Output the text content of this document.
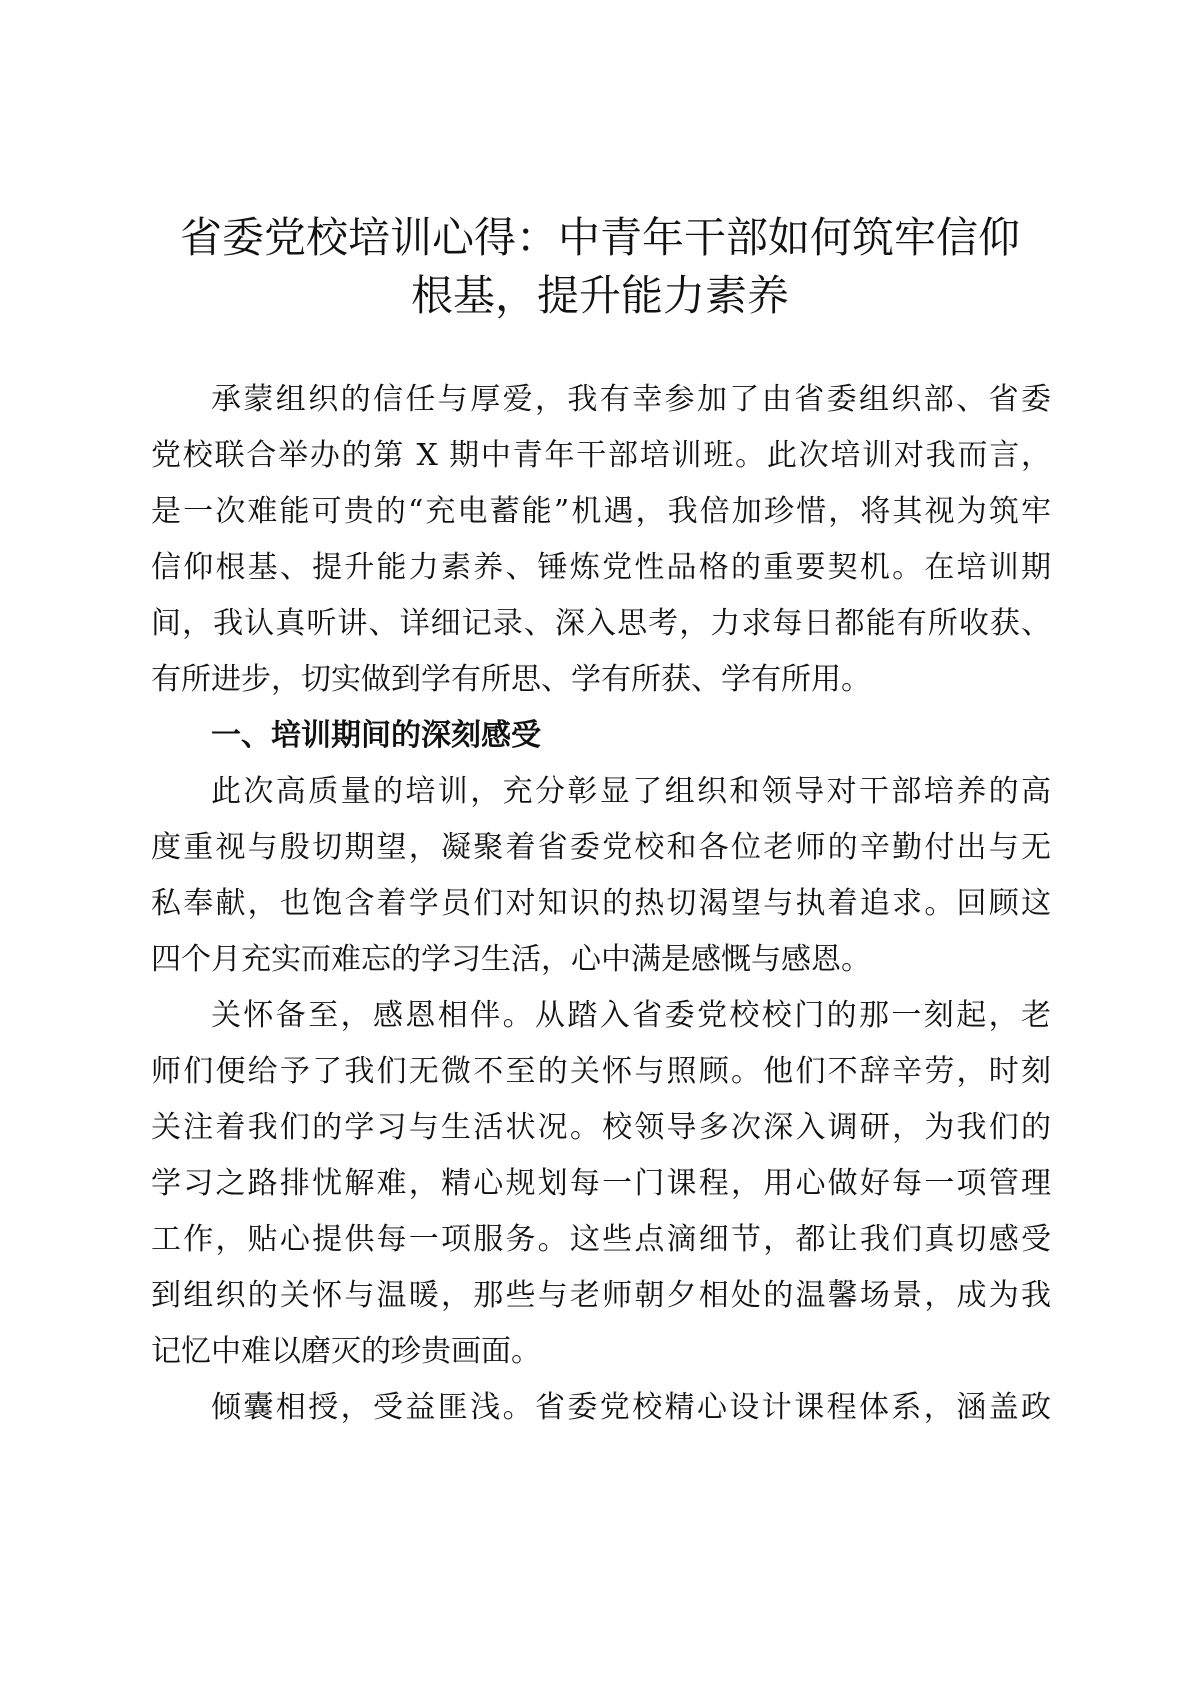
省委党校培训心得：中青年干部如何筑牢信仰
根基，提升能力素养
承蒙组织的信任与厚爱，我有幸参加了由省委组织部、省委
党校联合举办的第 X 期中青年干部培训班。此次培训对我而言，
是一次难能可贵的“充电蓄能”机遇，我倍加珍惜，将其视为筑牢
信仰根基、提升能力素养、锤炼党性品格的重要契机。在培训期
间，我认真听讲、详细记录、深入思考，力求每日都能有所收获、
有所进步，切实做到学有所思、学有所获、学有所用。
一、培训期间的深刻感受
此次高质量的培训，充分彰显了组织和领导对干部培养的高
度重视与殷切期望，凝聚着省委党校和各位老师的辛勤付出与无
私奉献，也饱含着学员们对知识的热切渴望与执着追求。回顾这
四个月充实而难忘的学习生活，心中满是感慨与感恩。
关怀备至，感恩相伴。从踏入省委党校校门的那一刻起，老
师们便给予了我们无微不至的关怀与照顾。他们不辞辛劳，时刻
关注着我们的学习与生活状况。校领导多次深入调研，为我们的
学习之路排忧解难，精心规划每一门课程，用心做好每一项管理
工作，贴心提供每一项服务。这些点滴细节，都让我们真切感受
到组织的关怀与温暖，那些与老师朝夕相处的温馨场景，成为我
记忆中难以磨灭的珍贵画面。
倾囊相授，受益匪浅。省委党校精心设计课程体系，涵盖政
